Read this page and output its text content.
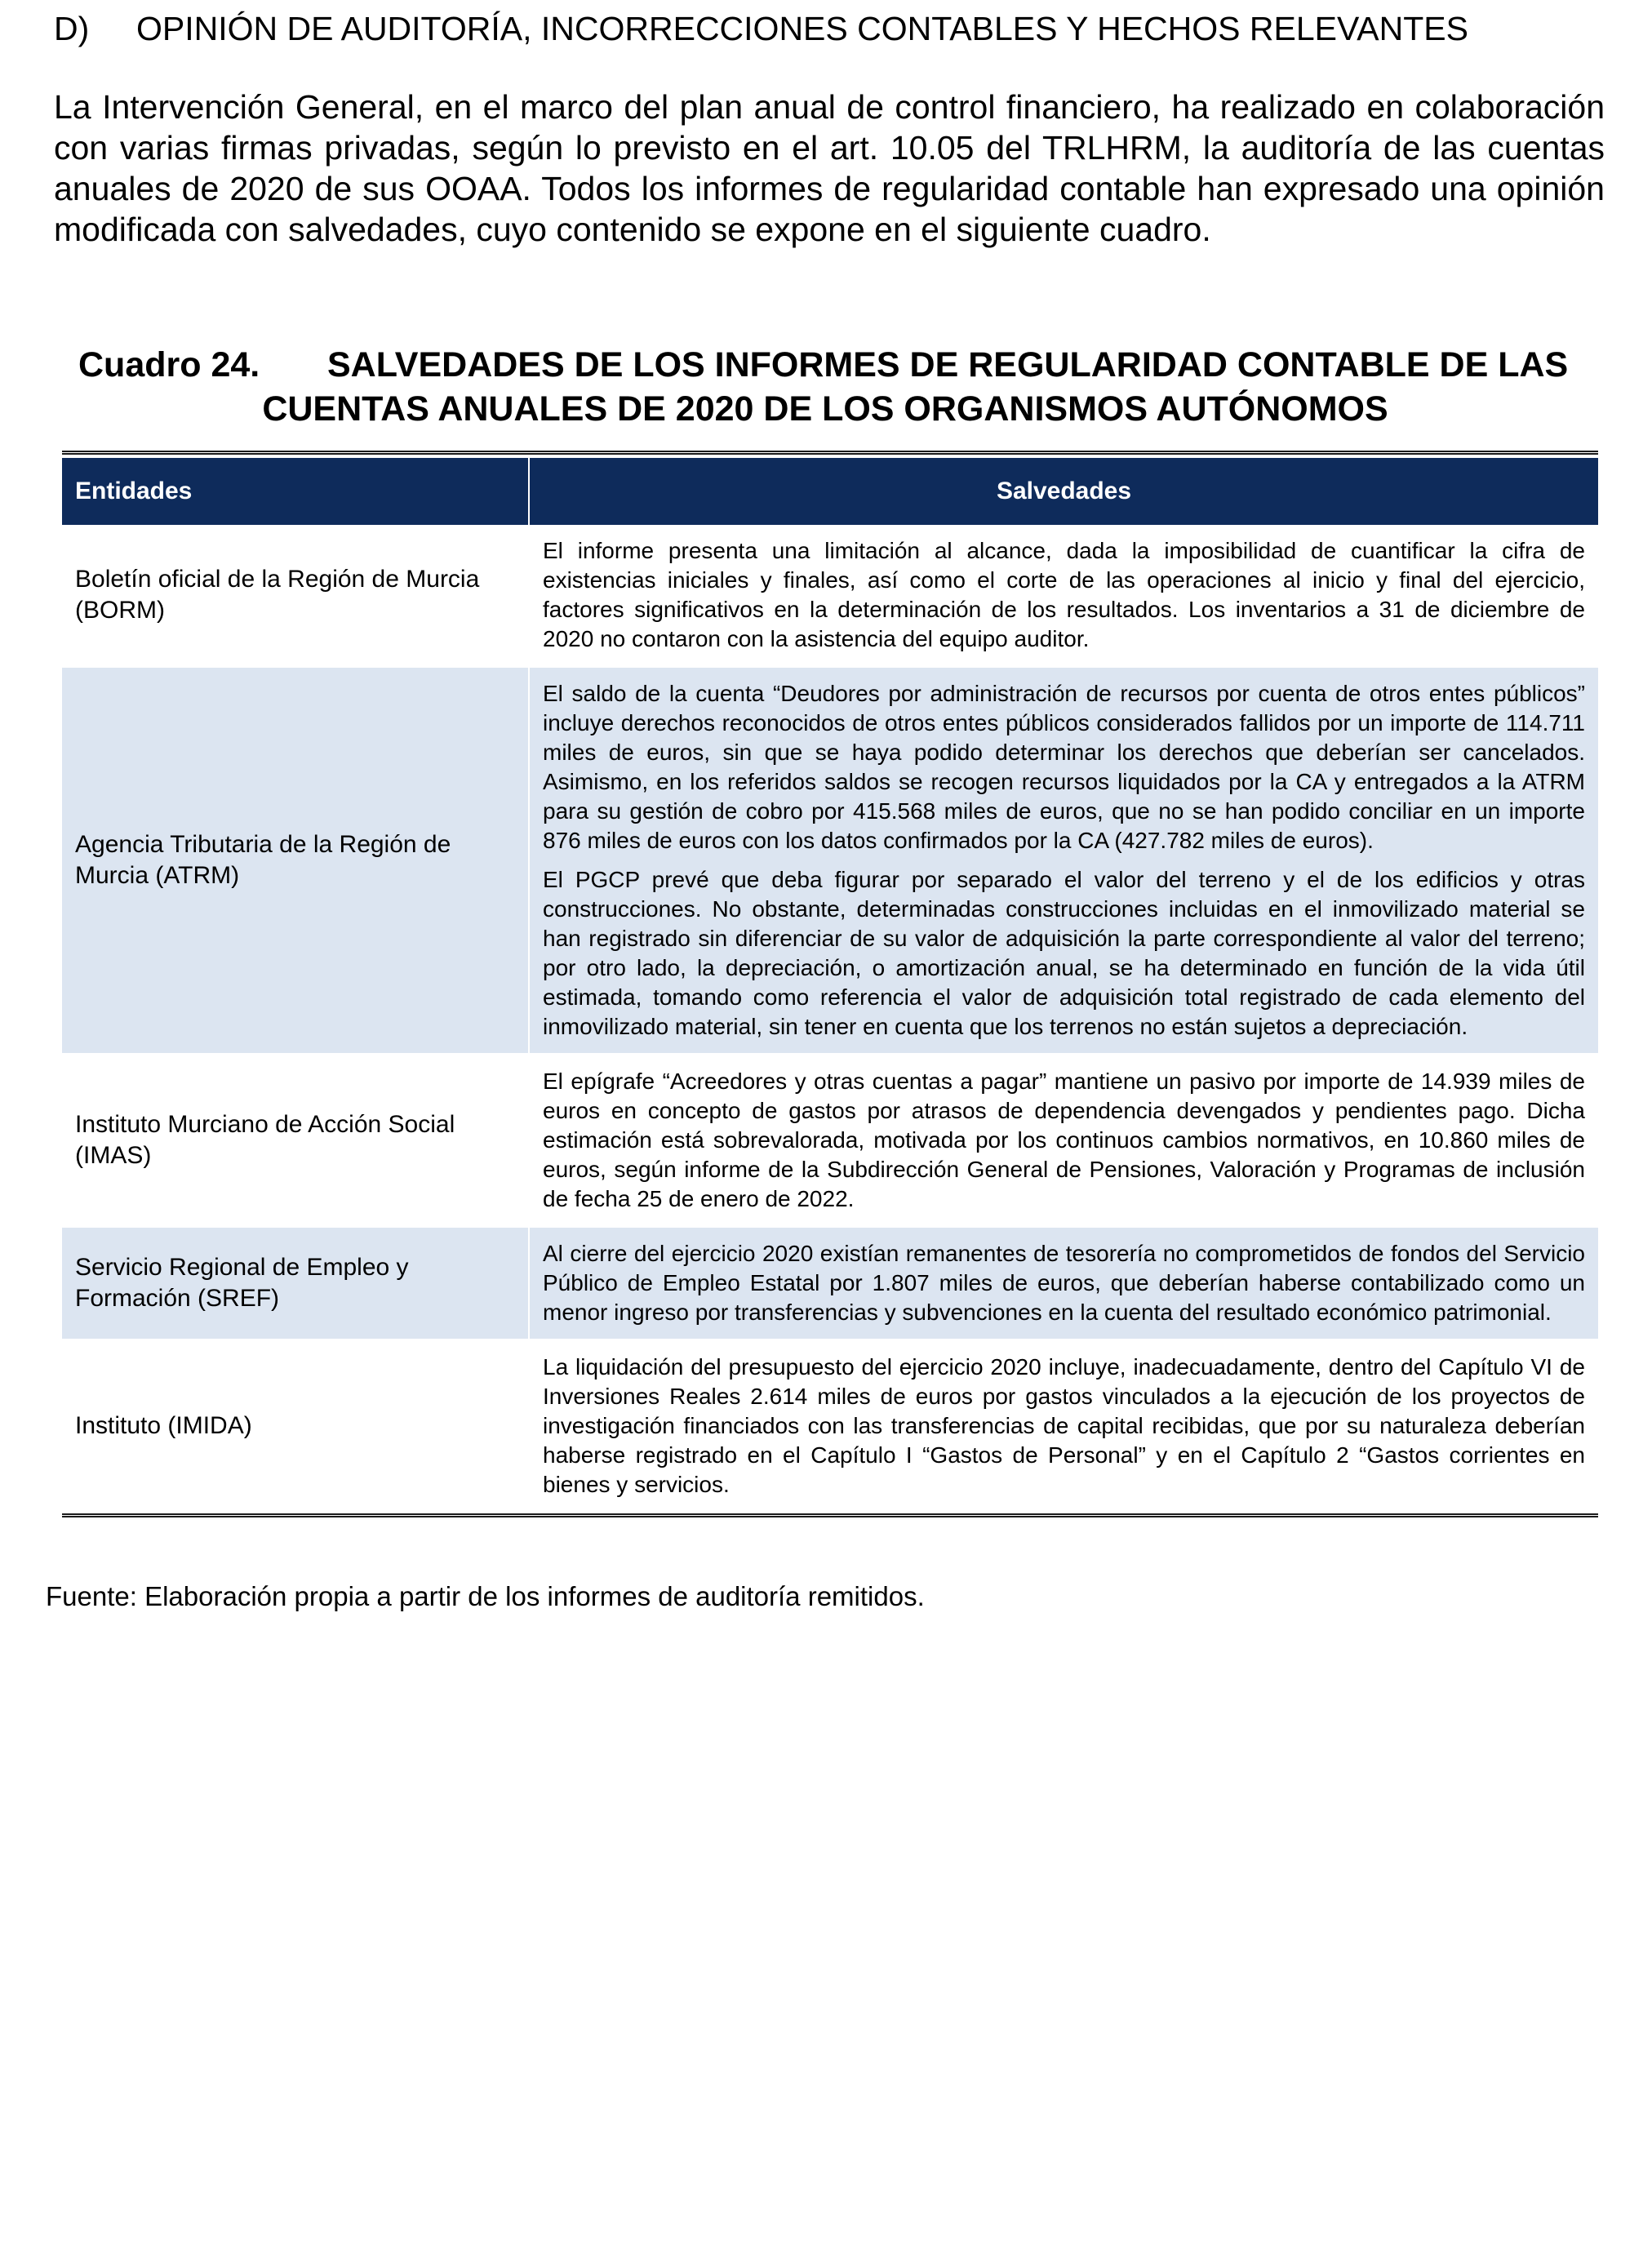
D) OPINIÓN DE AUDITORÍA, INCORRECCIONES CONTABLES Y HECHOS RELEVANTES

La Intervención General, en el marco del plan anual de control financiero, ha realizado en colaboración con varias firmas privadas, según lo previsto en el art. 10.05 del TRLHRM, la auditoría de las cuentas anuales de 2020 de sus OOAA. Todos los informes de regularidad contable han expresado una opinión modificada con salvedades, cuyo contenido se expone en el siguiente cuadro.

Cuadro 24. SALVEDADES DE LOS INFORMES DE REGULARIDAD CONTABLE DE LAS
CUENTAS ANUALES DE 2020 DE LOS ORGANISMOS AUTÓNOMOS
Entidades	Salvedades
Boletín oficial de la Región de Murcia (BORM)	El informe presenta una limitación al alcance, dada la imposibilidad de cuantificar la cifra de existencias iniciales y finales, así como el corte de las operaciones al inicio y final del ejercicio, factores significativos en la determinación de los resultados. Los inventarios a 31 de diciembre de 2020 no contaron con la asistencia del equipo auditor.

Agencia Tributaria de la Región de Murcia (ATRM)	El saldo de la cuenta “Deudores por administración de recursos por cuenta de otros entes públicos” incluye derechos reconocidos de otros entes públicos considerados fallidos por un importe de 114.711 miles de euros, sin que se haya podido determinar los derechos que deberían ser cancelados. Asimismo, en los referidos saldos se recogen recursos liquidados por la CA y entregados a la ATRM para su gestión de cobro por 415.568 miles de euros, que no se han podido conciliar en un importe 876 miles de euros con los datos confirmados por la CA (427.782 miles de euros).

El PGCP prevé que deba figurar por separado el valor del terreno y el de los edificios y otras construcciones. No obstante, determinadas construcciones incluidas en el inmovilizado material se han registrado sin diferenciar de su valor de adquisición la parte correspondiente al valor del terreno; por otro lado, la depreciación, o amortización anual, se ha determinado en función de la vida útil estimada, tomando como referencia el valor de adquisición total registrado de cada elemento del inmovilizado material, sin tener en cuenta que los terrenos no están sujetos a depreciación.

Instituto Murciano de Acción Social (IMAS)	El epígrafe “Acreedores y otras cuentas a pagar” mantiene un pasivo por importe de 14.939 miles de euros en concepto de gastos por atrasos de dependencia devengados y pendientes pago. Dicha estimación está sobrevalorada, motivada por los continuos cambios normativos, en 10.860 miles de euros, según informe de la Subdirección General de Pensiones, Valoración y Programas de inclusión de fecha 25 de enero de 2022.

Servicio Regional de Empleo y Formación (SREF)	Al cierre del ejercicio 2020 existían remanentes de tesorería no comprometidos de fondos del Servicio Público de Empleo Estatal por 1.807 miles de euros, que deberían haberse contabilizado como un menor ingreso por transferencias y subvenciones en la cuenta del resultado económico patrimonial.

Instituto (IMIDA)	La liquidación del presupuesto del ejercicio 2020 incluye, inadecuadamente, dentro del Capítulo VI de Inversiones Reales 2.614 miles de euros por gastos vinculados a la ejecución de los proyectos de investigación financiados con las transferencias de capital recibidas, que por su naturaleza deberían haberse registrado en el Capítulo I “Gastos de Personal” y en el Capítulo 2 “Gastos corrientes en bienes y servicios.

Fuente: Elaboración propia a partir de los informes de auditoría remitidos.
